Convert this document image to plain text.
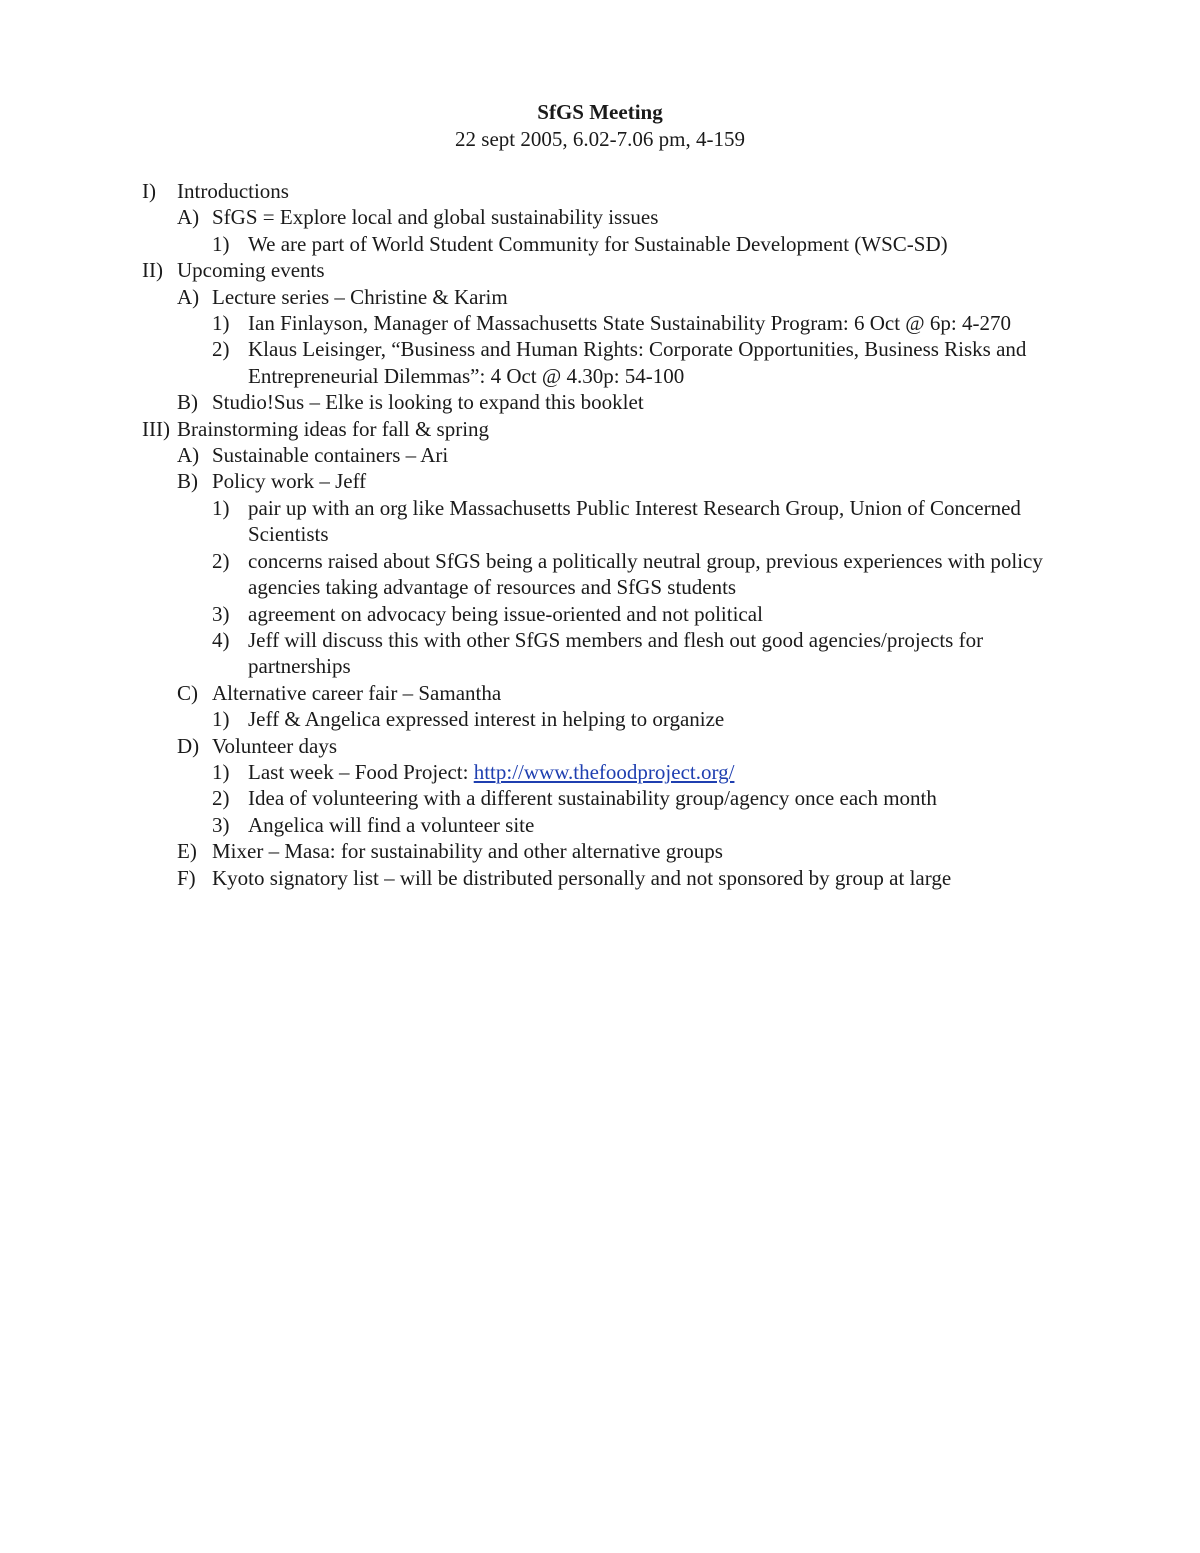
SfGS Meeting
22 sept 2005, 6.02-7.06 pm, 4-159
I) Introductions
A) SfGS = Explore local and global sustainability issues
1) We are part of World Student Community for Sustainable Development (WSC-SD)
II) Upcoming events
A) Lecture series – Christine & Karim
1) Ian Finlayson, Manager of Massachusetts State Sustainability Program: 6 Oct @ 6p: 4-270
2) Klaus Leisinger, “Business and Human Rights: Corporate Opportunities, Business Risks and Entrepreneurial Dilemmas”: 4 Oct @ 4.30p: 54-100
B) Studio!Sus – Elke is looking to expand this booklet
III) Brainstorming ideas for fall & spring
A) Sustainable containers – Ari
B) Policy work – Jeff
1) pair up with an org like Massachusetts Public Interest Research Group, Union of Concerned Scientists
2) concerns raised about SfGS being a politically neutral group, previous experiences with policy agencies taking advantage of resources and SfGS students
3) agreement on advocacy being issue-oriented and not political
4) Jeff will discuss this with other SfGS members and flesh out good agencies/projects for partnerships
C) Alternative career fair – Samantha
1) Jeff & Angelica expressed interest in helping to organize
D) Volunteer days
1) Last week – Food Project: http://www.thefoodproject.org/
2) Idea of volunteering with a different sustainability group/agency once each month
3) Angelica will find a volunteer site
E) Mixer – Masa: for sustainability and other alternative groups
F) Kyoto signatory list – will be distributed personally and not sponsored by group at large
